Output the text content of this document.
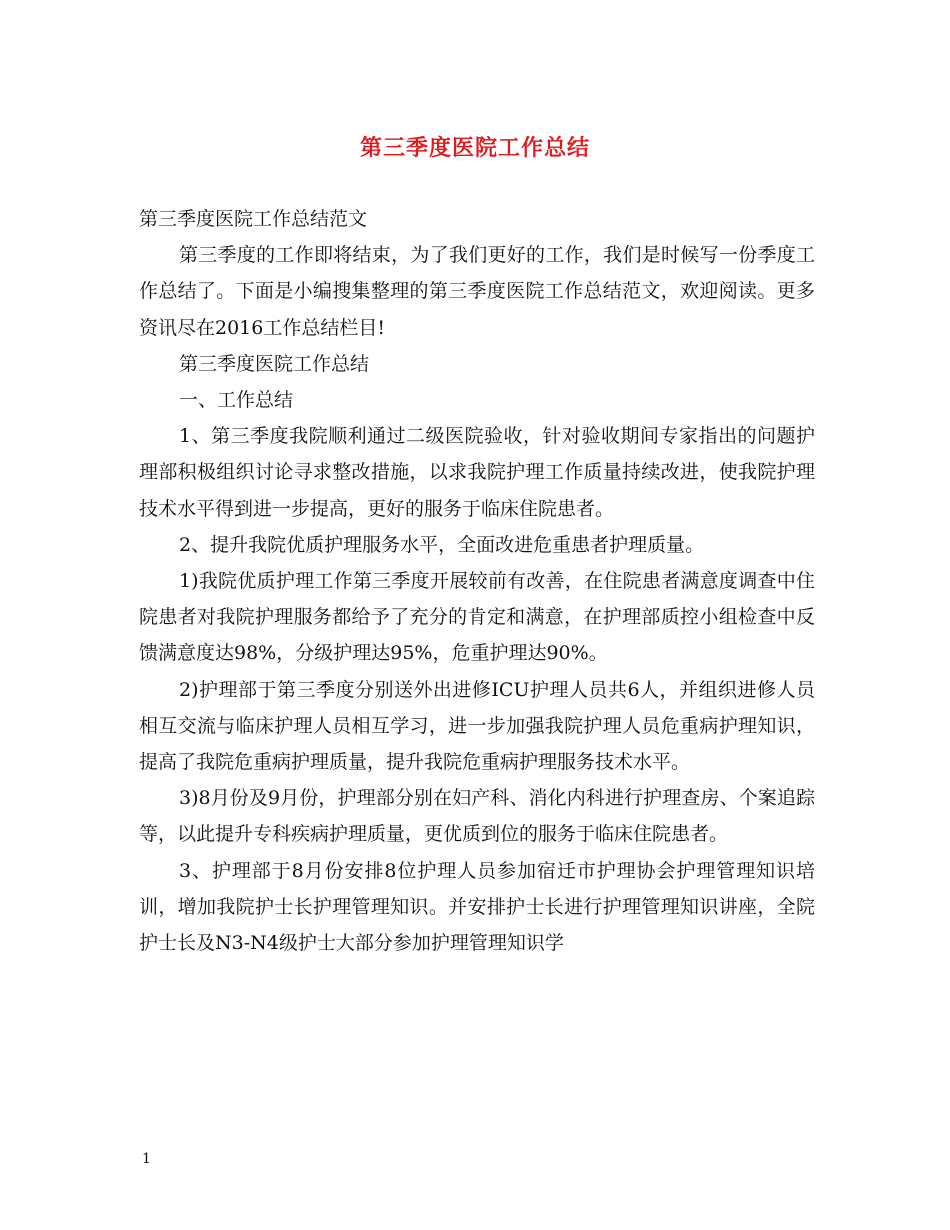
第三季度医院工作总结

第三季度医院工作总结范文

第三季度的工作即将结束，为了我们更好的工作，我们是时候写一份季度工作总结了。下面是小编搜集整理的第三季度医院工作总结范文，欢迎阅读。更多资讯尽在2016工作总结栏目!

第三季度医院工作总结

一、工作总结

1、第三季度我院顺利通过二级医院验收，针对验收期间专家指出的问题护理部积极组织讨论寻求整改措施，以求我院护理工作质量持续改进，使我院护理技术水平得到进一步提高，更好的服务于临床住院患者。

2、提升我院优质护理服务水平，全面改进危重患者护理质量。

1)我院优质护理工作第三季度开展较前有改善，在住院患者满意度调查中住院患者对我院护理服务都给予了充分的肯定和满意，在护理部质控小组检查中反馈满意度达98%，分级护理达95%，危重护理达90%。

2)护理部于第三季度分别送外出进修ICU护理人员共6人，并组织进修人员相互交流与临床护理人员相互学习，进一步加强我院护理人员危重病护理知识，提高了我院危重病护理质量，提升我院危重病护理服务技术水平。

3)8月份及9月份，护理部分别在妇产科、消化内科进行护理查房、个案追踪等，以此提升专科疾病护理质量，更优质到位的服务于临床住院患者。

3、护理部于8月份安排8位护理人员参加宿迁市护理协会护理管理知识培训，增加我院护士长护理管理知识。并安排护士长进行护理管理知识讲座，全院护士长及N3-N4级护士大部分参加护理管理知识学

1
